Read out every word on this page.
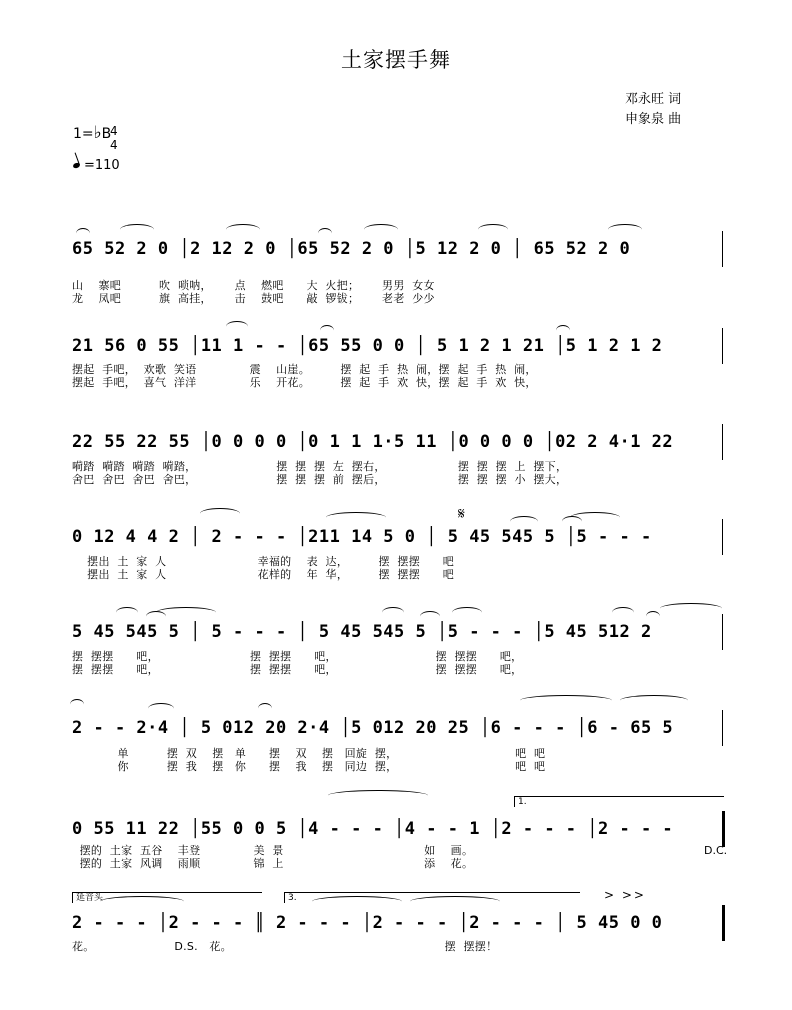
土家摆手舞
邓永旺 词
申象泉 曲
1=♭B
4
4
=110
65 52 2 0 │2 12 2 0 │65 52 2 0 │5 12 2 0 │ 65 52 2 0
山    寨吧          吹  唢呐，      点    燃吧      大  火把；      男男  女女
龙    凤吧          旗  高挂，      击    鼓吧      敲  锣钹；      老老  少少
21 56 0 55 │11 1 - - │65 55 0 0 │ 5 1 2 1 21 │5 1 2 1 2
摆起  手吧，  欢歌  笑语              震    山崖。        摆  起  手  热  闹，摆  起  手  热  闹，
摆起  手吧，  喜气  洋洋              乐    开花。        摆  起  手  欢  快，摆  起  手  欢  快，
22 55 22 55 │0 0 0 0 │0 1 1 1·5 11 │0 0 0 0 │02 2 4·1 22
嗬踏  嗬踏  嗬踏  嗬踏，                     摆  摆  摆  左  摆右，                   摆  摆  摆  上  摆下，
舍巴  舍巴  舍巴  舍巴，                     摆  摆  摆  前  摆后，                   摆  摆  摆  小  摆大，
0 12 4 4 2 │ 2 - - - │211 14 5 0 │ 5 45 545 5 │5 - - -
𝄋
摆出  土  家  人                        幸福的    表  达，        摆  摆摆      吧
摆出  土  家  人                        花样的    年  华，        摆  摆摆      吧
5 45 545 5 │ 5 - - - │ 5 45 545 5 │5 - - - │5 45 512 2
摆  摆摆      吧，                        摆  摆摆      吧，                          摆  摆摆      吧，
摆  摆摆      吧，                        摆  摆摆      吧，                          摆  摆摆      吧，
2 - - 2·4 │ 5 012 20 2·4 │5 012 20 25 │6 - - - │6 - 65 5
单          摆  双    摆   单      摆    双    摆   回旋  摆，                               吧  吧
你          摆  我    摆   你      摆    我    摆   同边  摆，                               吧  吧
0 55 11 22 │55 0 0 5 │4 - - - │4 - - 1 │2 - - - │2 - - -
1.
摆的  土家  五谷    丰登              美  景                                     如    画。
摆的  土家  风调    雨顺              锦  上                                     添    花。
D.C.
2 - - - │2 - - - ║ 2 - - - │2 - - - │2 - - - │ 5 45 0 0
延音头	3.	> >>
花。                     D.S.   花。                                                        摆  摆摆！
